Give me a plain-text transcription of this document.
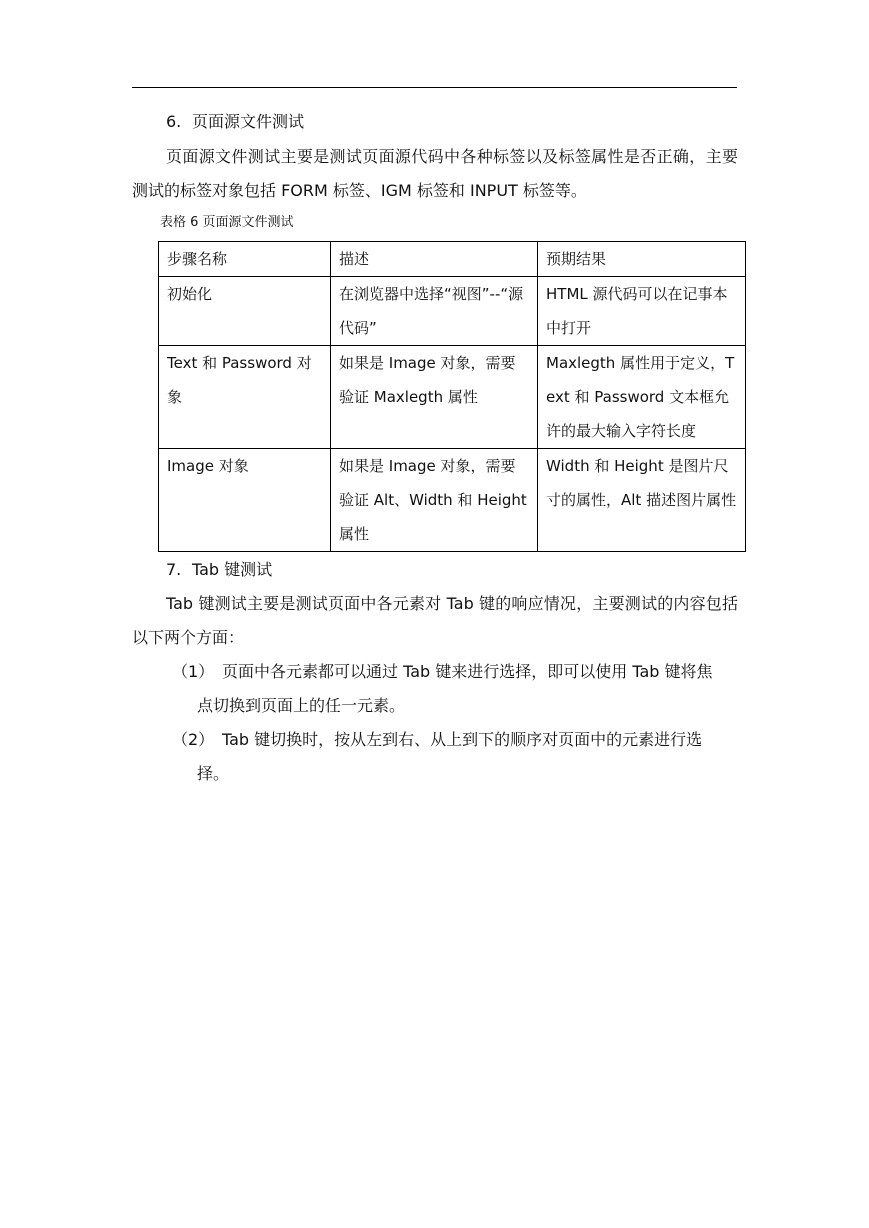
6. 页面源文件测试
页面源文件测试主要是测试页面源代码中各种标签以及标签属性是否正确，主要测试的标签对象包括 FORM 标签、IGM 标签和 INPUT 标签等。
表格 6 页面源文件测试
步骤名称	描述	预期结果
初始化	在浏览器中选择“视图”--“源代码”	HTML 源代码可以在记事本中打开
Text 和 Password 对象	如果是 Image 对象，需要验证 Maxlegth 属性	Maxlegth 属性用于定义，Text 和 Password 文本框允许的最大输入字符长度
Image 对象	如果是 Image 对象，需要验证 Alt、Width 和 Height 属性	Width 和 Height 是图片尺寸的属性，Alt 描述图片属性
7. Tab 键测试
Tab 键测试主要是测试页面中各元素对 Tab 键的响应情况，主要测试的内容包括以下两个方面：
（1） 页面中各元素都可以通过 Tab 键来进行选择，即可以使用 Tab 键将焦
点切换到页面上的任一元素。
（2） Tab 键切换时，按从左到右、从上到下的顺序对页面中的元素进行选
择。
